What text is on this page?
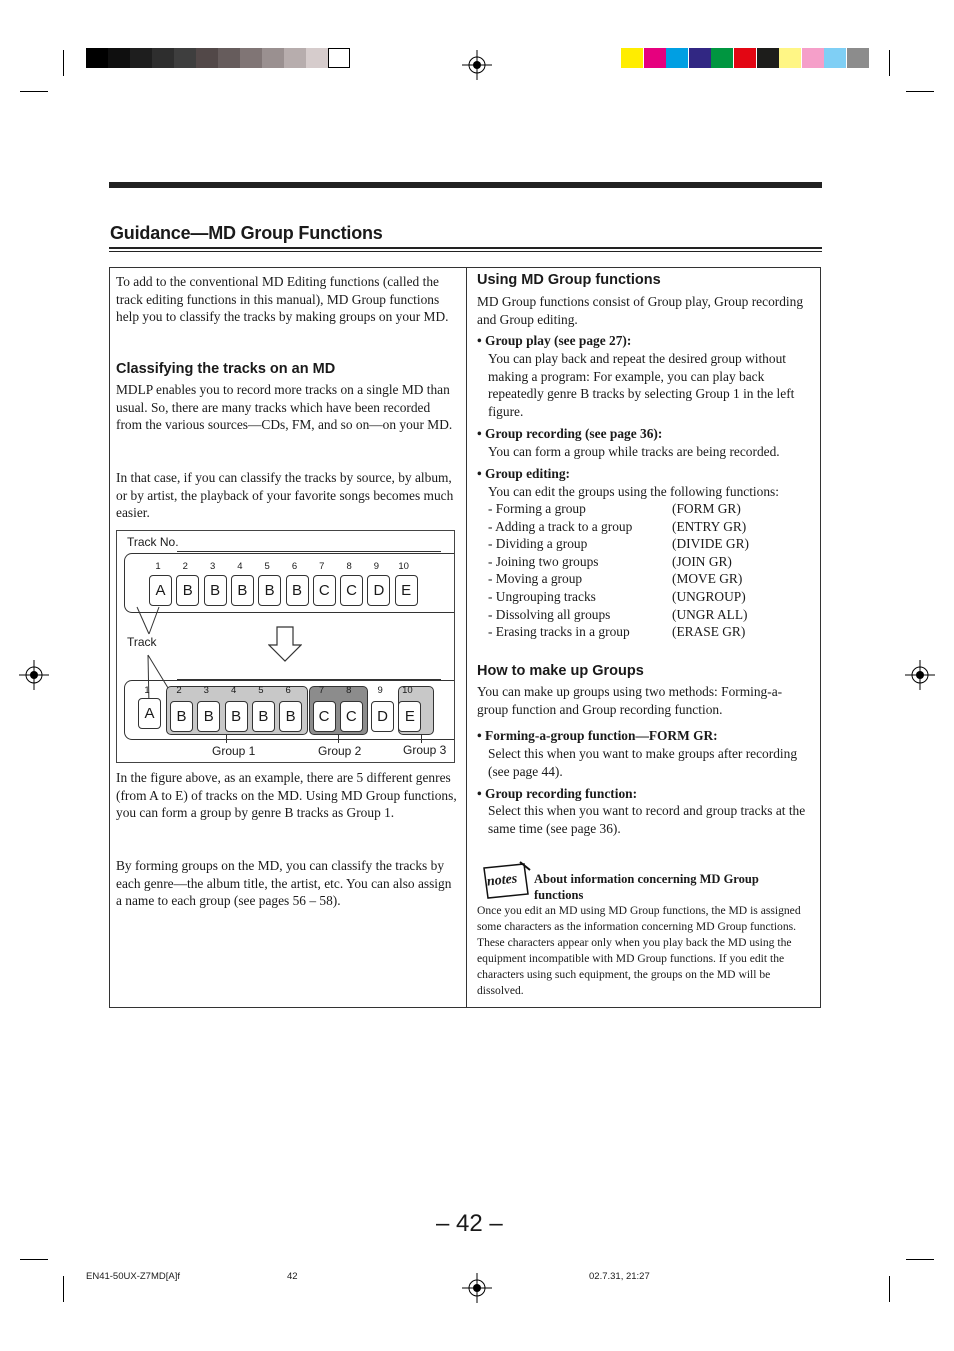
Guidance—MD Group Functions

To add to the conventional MD Editing functions (called the track editing functions in this manual), MD Group functions help you to classify the tracks by making groups on your MD.

Classifying the tracks on an MD

MDLP enables you to record more tracks on a single MD than usual. So, there are many tracks which have been recorded from the various sources—CDs, FM, and so on—on your MD.

In that case, if you can classify the tracks by source, by album, or by artist, the playback of your favorite songs becomes much easier.

Track No.
1
A
2
B
3
B
4
B
5
B
6
B
7
C
8
C
9
D
10
E
Track
1
A
2
B
3
B
4
B
5
B
6
B
7
C
8
C
9
D
10
E
Group 1	Group 2	Group 3

In the figure above, as an example, there are 5 different genres (from A to E) of tracks on the MD. Using MD Group functions, you can form a group by genre B tracks as Group 1.

By forming groups on the MD, you can classify the tracks by each genre—the album title, the artist, etc. You can also assign a name to each group (see pages 56 – 58).

Using MD Group functions

MD Group functions consist of Group play, Group recording and Group editing.

• Group play (see page 27):

You can play back and repeat the desired group without making a program: For example, you can play back repeatedly genre B tracks by selecting Group 1 in the left figure.

• Group recording (see page 36):

You can form a group while tracks are being recorded.

• Group editing:

You can edit the groups using the following functions:

- Forming a group	(FORM GR)
- Adding a track to a group	(ENTRY GR)
- Dividing a group	(DIVIDE GR)
- Joining two groups	(JOIN GR)
- Moving a group	(MOVE GR)
- Ungrouping tracks	(UNGROUP)
- Dissolving all groups	(UNGR ALL)
- Erasing tracks in a group	(ERASE GR)
How to make up Groups

You can make up groups using two methods: Forming-a-group function and Group recording function.

• Forming-a-group function—FORM GR:

Select this when you want to make groups after recording (see page 44).

• Group recording function:

Select this when you want to record and group tracks at the same time (see page 36).

notes About information concerning MD Group functions

Once you edit an MD using MD Group functions, the MD is assigned some characters as the information concerning MD Group functions. These characters appear only when you play back the MD using the equipment incompatible with MD Group functions. If you edit the characters using such equipment, the groups on the MD will be dissolved.

– 42 –
EN41-50UX-Z7MD[A]f	42	02.7.31, 21:27
